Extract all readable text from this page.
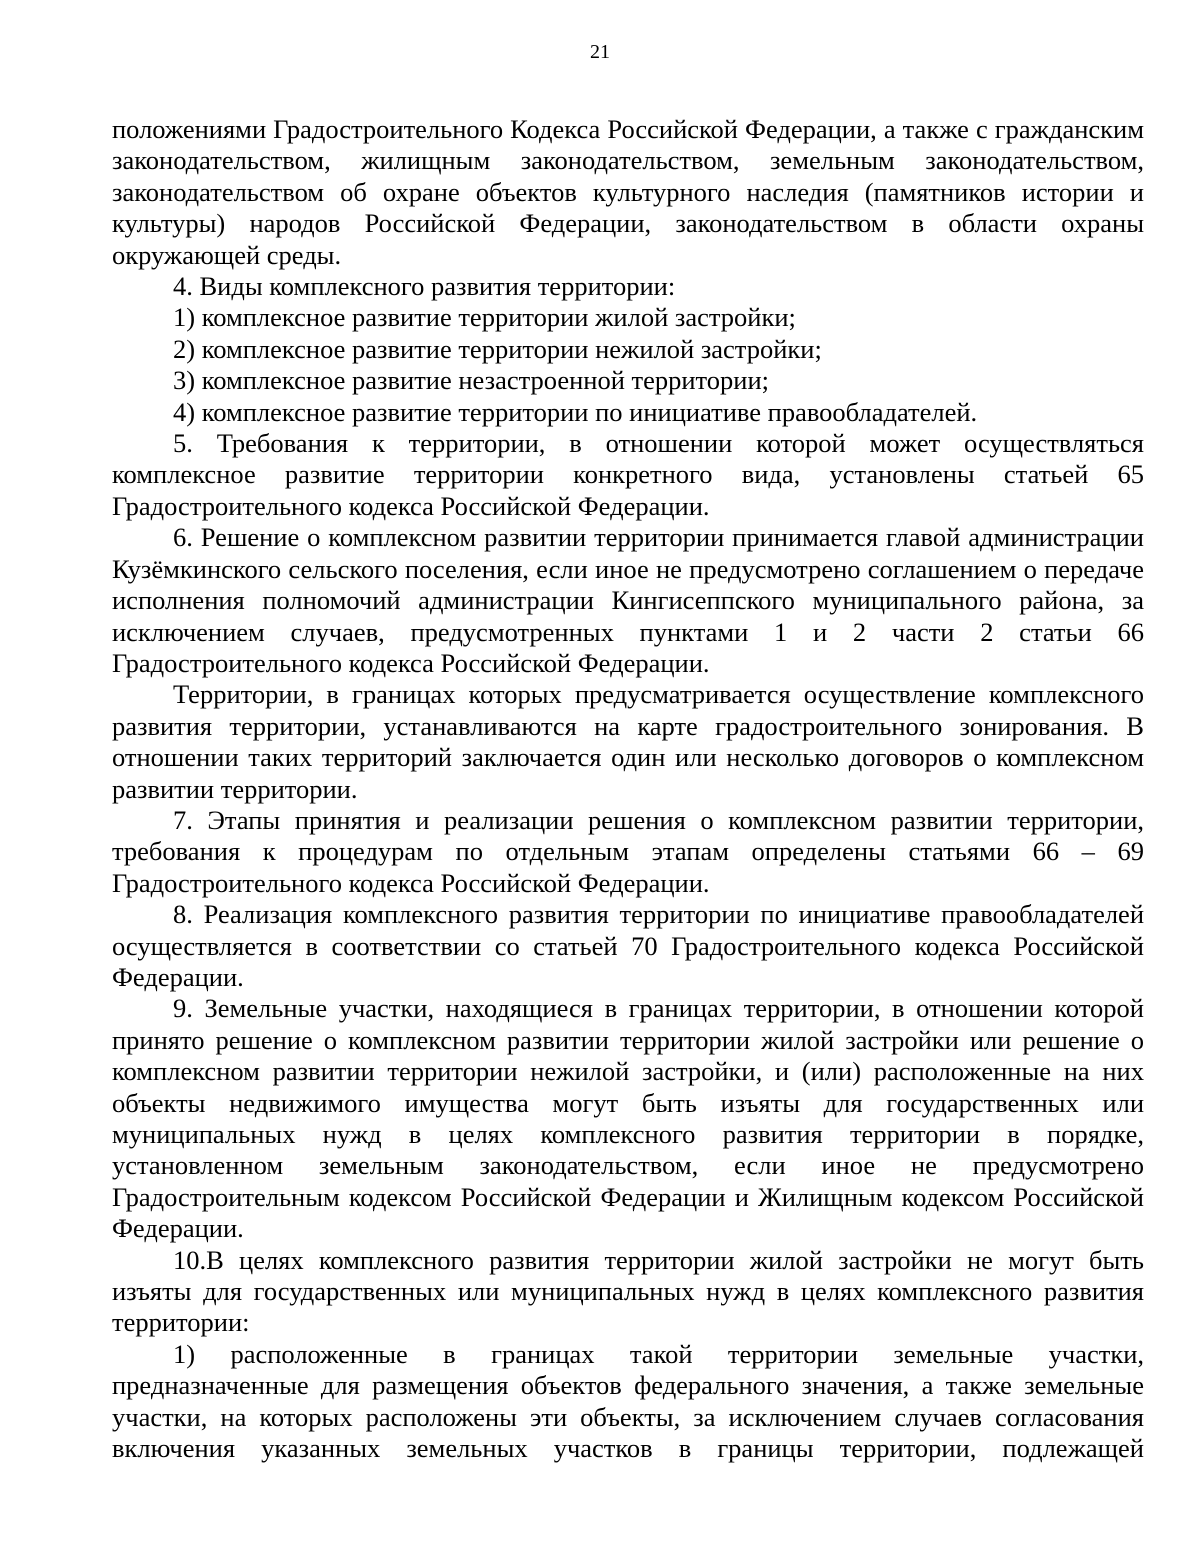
21

положениями Градостроительного Кодекса Российской Федерации, а также с гражданским законодательством, жилищным законодательством, земельным законодательством, законодательством об охране объектов культурного наследия (памятников истории и культуры) народов Российской Федерации, законодательством в области охраны окружающей среды.

4. Виды комплексного развития территории:

1) комплексное развитие территории жилой застройки;

2) комплексное развитие территории нежилой застройки;

3) комплексное развитие незастроенной территории;

4) комплексное развитие территории по инициативе правообладателей.

5. Требования к территории, в отношении которой может осуществляться комплексное развитие территории конкретного вида, установлены статьей 65 Градостроительного кодекса Российской Федерации.

6. Решение о комплексном развитии территории принимается главой администрации Кузёмкинского сельского поселения, если иное не предусмотрено соглашением о передаче исполнения полномочий администрации Кингисеппского муниципального района, за исключением случаев, предусмотренных пунктами 1 и 2 части 2 статьи 66 Градостроительного кодекса Российской Федерации.

Территории, в границах которых предусматривается осуществление комплексного развития территории, устанавливаются на карте градостроительного зонирования. В отношении таких территорий заключается один или несколько договоров о комплексном развитии территории.

7. Этапы принятия и реализации решения о комплексном развитии территории, требования к процедурам по отдельным этапам определены статьями 66 – 69 Градостроительного кодекса Российской Федерации.

8. Реализация комплексного развития территории по инициативе правообладателей осуществляется в соответствии со статьей 70 Градостроительного кодекса Российской Федерации.

9. Земельные участки, находящиеся в границах территории, в отношении которой принято решение о комплексном развитии территории жилой застройки или решение о комплексном развитии территории нежилой застройки, и (или) расположенные на них объекты недвижимого имущества могут быть изъяты для государственных или муниципальных нужд в целях комплексного развития территории в порядке, установленном земельным законодательством, если иное не предусмотрено Градостроительным кодексом Российской Федерации и Жилищным кодексом Российской Федерации.

10.В целях комплексного развития территории жилой застройки не могут быть изъяты для государственных или муниципальных нужд в целях комплексного развития территории:

1) расположенные в границах такой территории земельные участки, предназначенные для размещения объектов федерального значения, а также земельные участки, на которых расположены эти объекты, за исключением случаев согласования включения указанных земельных участков в границы территории, подлежащей
